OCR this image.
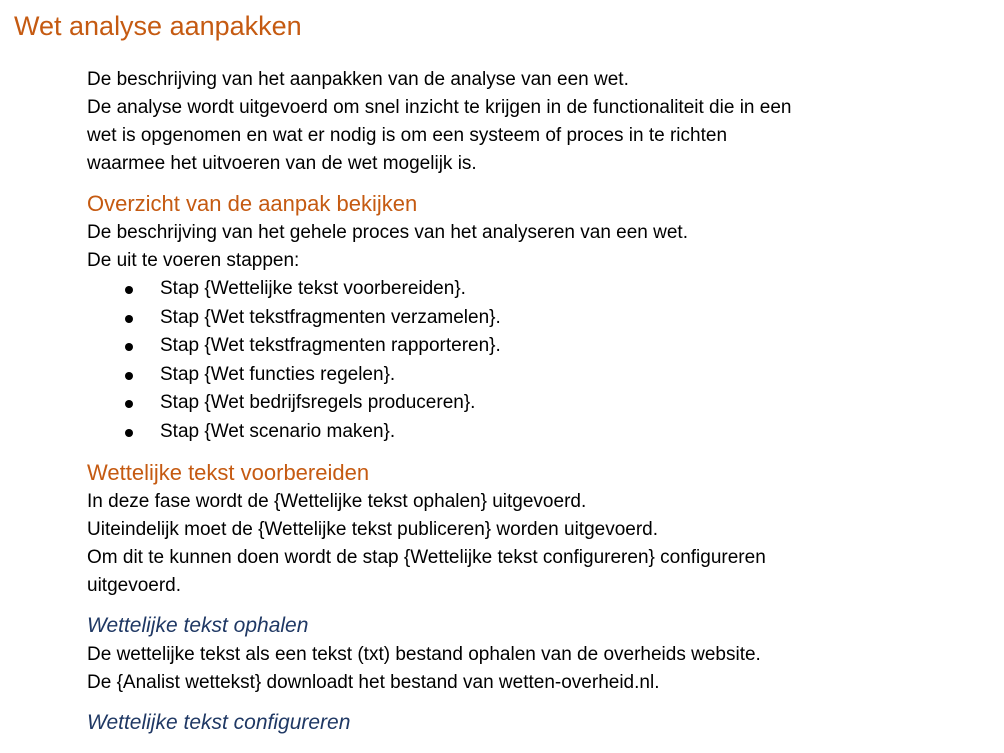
Wet analyse aanpakken

De beschrijving van het aanpakken van de analyse van een wet.

De analyse wordt uitgevoerd om snel inzicht te krijgen in de functionaliteit die in een

wet is opgenomen en wat er nodig is om een systeem of proces in te richten

waarmee het uitvoeren van de wet mogelijk is.

Overzicht van de aanpak bekijken

De beschrijving van het gehele proces van het analyseren van een wet.

De uit te voeren stappen:

Stap {Wettelijke tekst voorbereiden}.
Stap {Wet tekstfragmenten verzamelen}.
Stap {Wet tekstfragmenten rapporteren}.
Stap {Wet functies regelen}.
Stap {Wet bedrijfsregels produceren}.
Stap {Wet scenario maken}.
Wettelijke tekst voorbereiden

In deze fase wordt de {Wettelijke tekst ophalen} uitgevoerd.

Uiteindelijk moet de {Wettelijke tekst publiceren} worden uitgevoerd.

Om dit te kunnen doen wordt de stap {Wettelijke tekst configureren} configureren

uitgevoerd.

Wettelijke tekst ophalen

De wettelijke tekst als een tekst (txt) bestand ophalen van de overheids website.

De {Analist wettekst} downloadt het bestand van wetten-overheid.nl.

Wettelijke tekst configureren
